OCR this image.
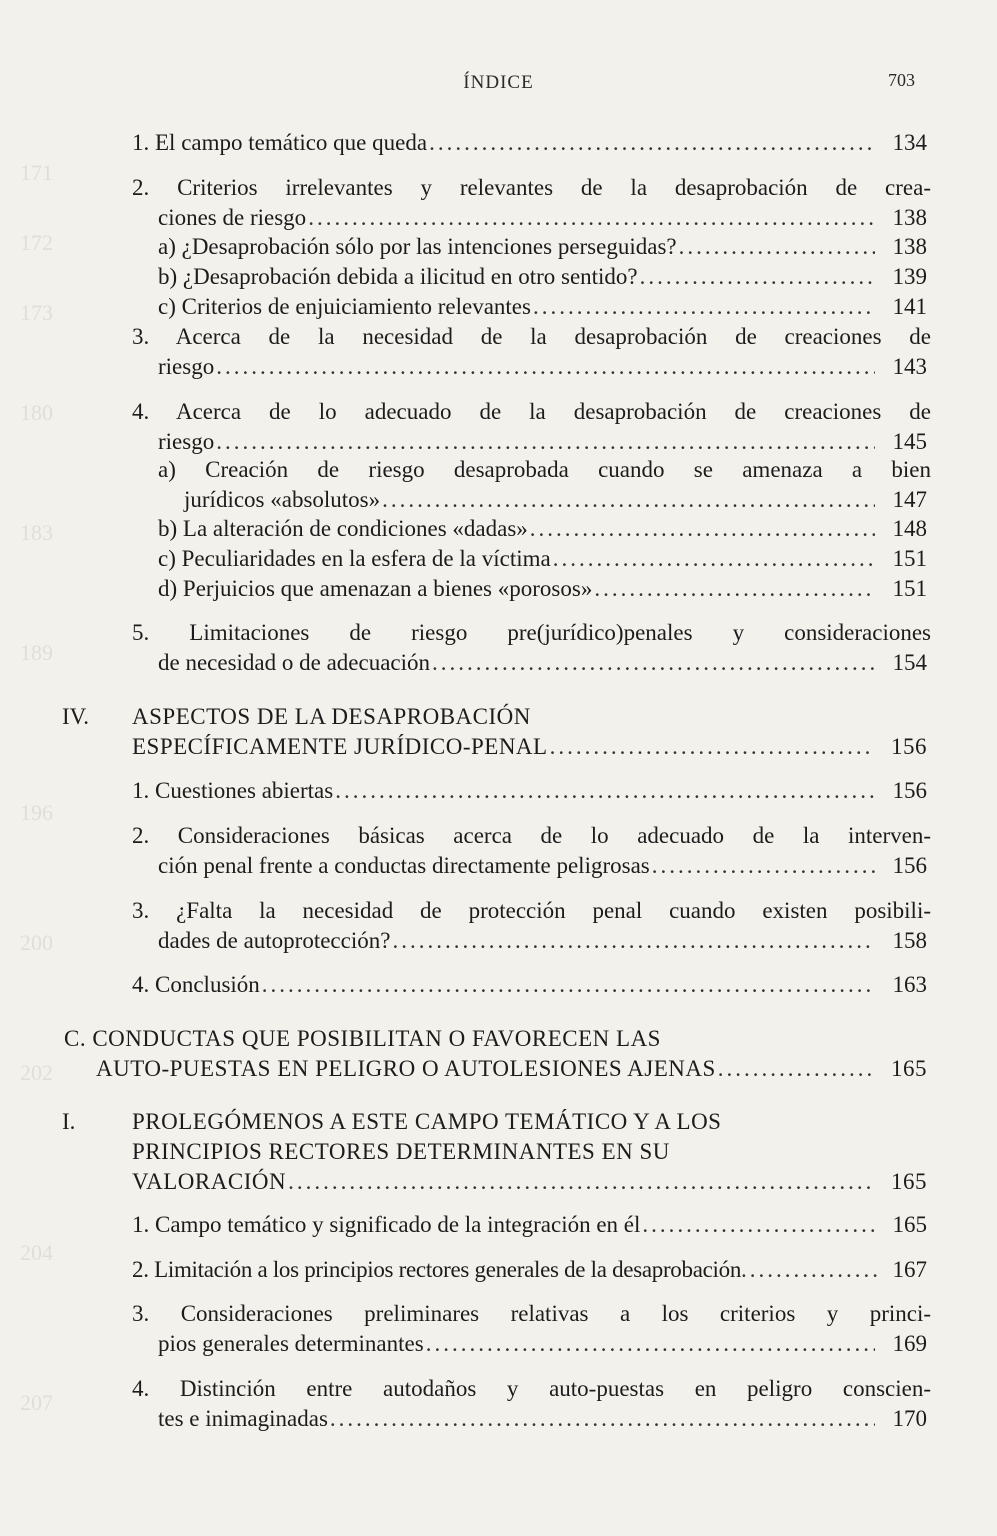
ÍNDICE	703
171
172
173
180
183
189
196
200
202
204
207
1. El campo temático que queda .....	134
2. Criterios irrelevantes y relevantes de la desaprobación de crea-
ciones de riesgo .....	138
a) ¿Desaprobación sólo por las intenciones perseguidas? .....	138
b) ¿Desaprobación debida a ilicitud en otro sentido? .....	139
c) Criterios de enjuiciamiento relevantes .....	141
3. Acerca de la necesidad de la desaprobación de creaciones de
riesgo .....	143
4. Acerca de lo adecuado de la desaprobación de creaciones de
riesgo .....	145
a) Creación de riesgo desaprobada cuando se amenaza a bien
jurídicos «absolutos» .....	147
b) La alteración de condiciones «dadas» .....	148
c) Peculiaridades en la esfera de la víctima .....	151
d) Perjuicios que amenazan a bienes «porosos» .....	151
5. Limitaciones de riesgo pre(jurídico)penales y consideraciones
de necesidad o de adecuación .....	154
IV. ASPECTOS DE LA DESAPROBACIÓN
ESPECÍFICAMENTE JURÍDICO-PENAL .....	156
1. Cuestiones abiertas .....	156
2. Consideraciones básicas acerca de lo adecuado de la interven-
ción penal frente a conductas directamente peligrosas .....	156
3. ¿Falta la necesidad de protección penal cuando existen posibili-
dades de autoprotección? .....	158
4. Conclusión .....	163
C. CONDUCTAS QUE POSIBILITAN O FAVORECEN LAS
AUTO-PUESTAS EN PELIGRO O AUTOLESIONES AJENAS .....	165
I. PROLEGÓMENOS A ESTE CAMPO TEMÁTICO Y A LOS
PRINCIPIOS RECTORES DETERMINANTES EN SU
VALORACIÓN .....	165
1. Campo temático y significado de la integración en él .....	165
2. Limitación a los principios rectores generales de la desaprobación .....	167
3. Consideraciones preliminares relativas a los criterios y princi-
pios generales determinantes .....	169
4. Distinción entre autodaños y auto-puestas en peligro conscien-
tes e inimaginadas .....	170
